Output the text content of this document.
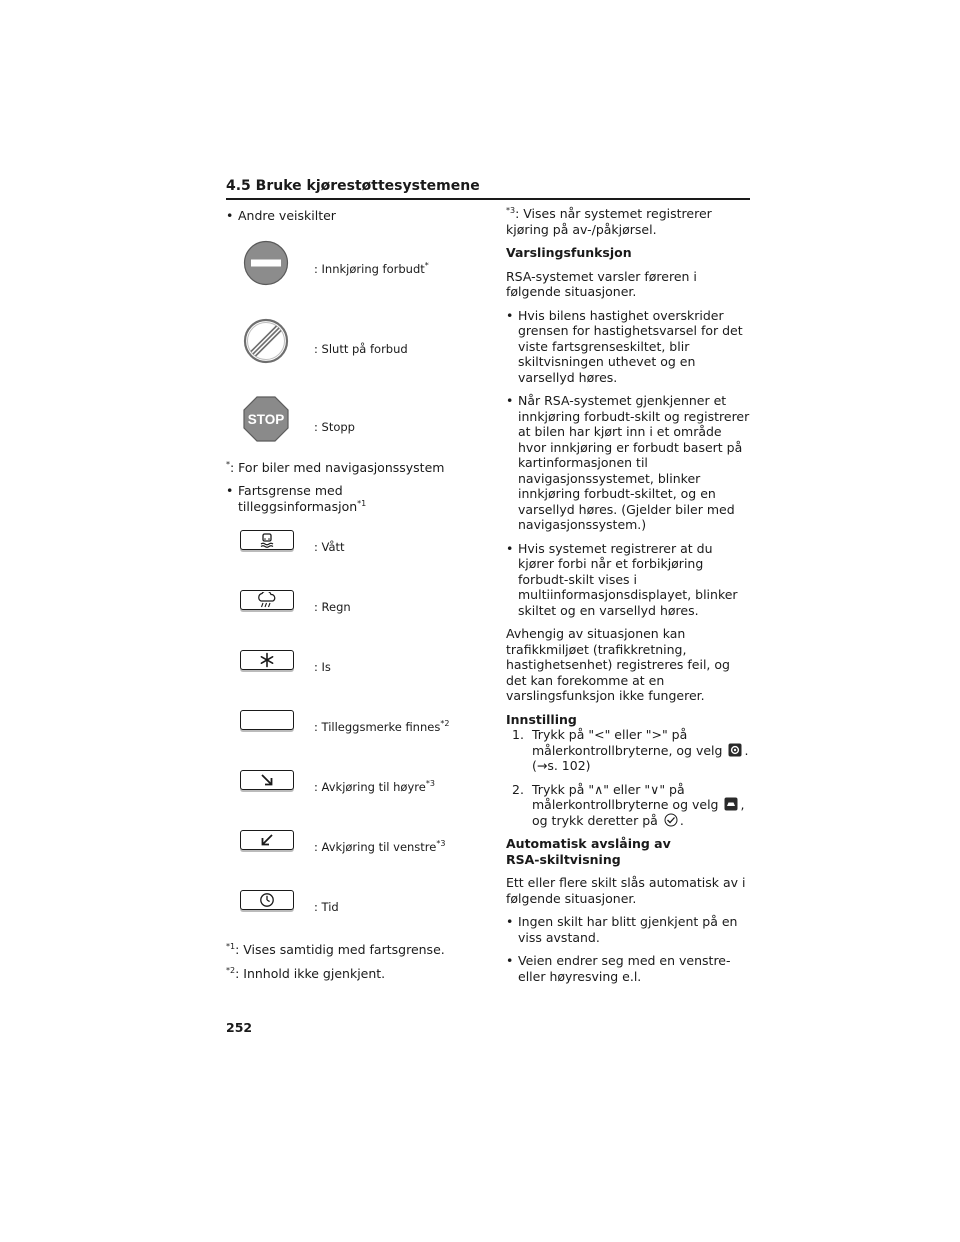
4.5 Bruke kjørestøttesystemene
• Andre veiskilter
: Innkjøring forbudt*
: Slutt på forbud
STOP	: Stopp
*: For biler med navigasjonssystem
• Fartsgrense med tilleggsinformasjon$^{*1}$
: Vått
: Regn
: Is
: Tilleggsmerke finnes$^{*2}$
: Avkjøring til høyre$^{*3}$
: Avkjøring til venstre$^{*3}$
: Tid
$^{*1}$: Vises samtidig med fartsgrense.
$^{*2}$: Innhold ikke gjenkjent.
$^{*3}$: Vises når systemet registrerer kjøring på av-/påkjørsel.
Varslingsfunksjon
RSA-systemet varsler føreren i følgende situasjoner.
• Hvis bilens hastighet overskrider grensen for hastighetsvarsel for det viste fartsgrenseskiltet, blir skiltvisningen uthevet og en varsellyd høres.
• Når RSA-systemet gjenkjenner et innkjøring forbudt-skilt og registrerer at bilen har kjørt inn i et område hvor innkjøring er forbudt basert på kartinformasjonen til navigasjonssystemet, blinker innkjøring forbudt-skiltet, og en varsellyd høres. (Gjelder biler med navigasjonssystem.)
• Hvis systemet registrerer at du kjører forbi når et forbikjøring forbudt-skilt vises i multiinformasjonsdisplayet, blinker skiltet og en varsellyd høres.
Avhengig av situasjonen kan trafikkmiljøet (trafikkretning, hastighetsenhet) registreres feil, og det kan forekomme at en varslingsfunksjon ikke fungerer.
Innstilling
1. Trykk på "<" eller ">" på målerkontrollbryterne, og velg .
(→s. 102)
2. Trykk på "∧" eller "∨" på målerkontrollbryterne og velg , og trykk deretter på .
Automatisk avslåing av
RSA-skiltvisning
Ett eller flere skilt slås automatisk av i følgende situasjoner.
• Ingen skilt har blitt gjenkjent på en viss avstand.
• Veien endrer seg med en venstre- eller høyresving e.l.
252
